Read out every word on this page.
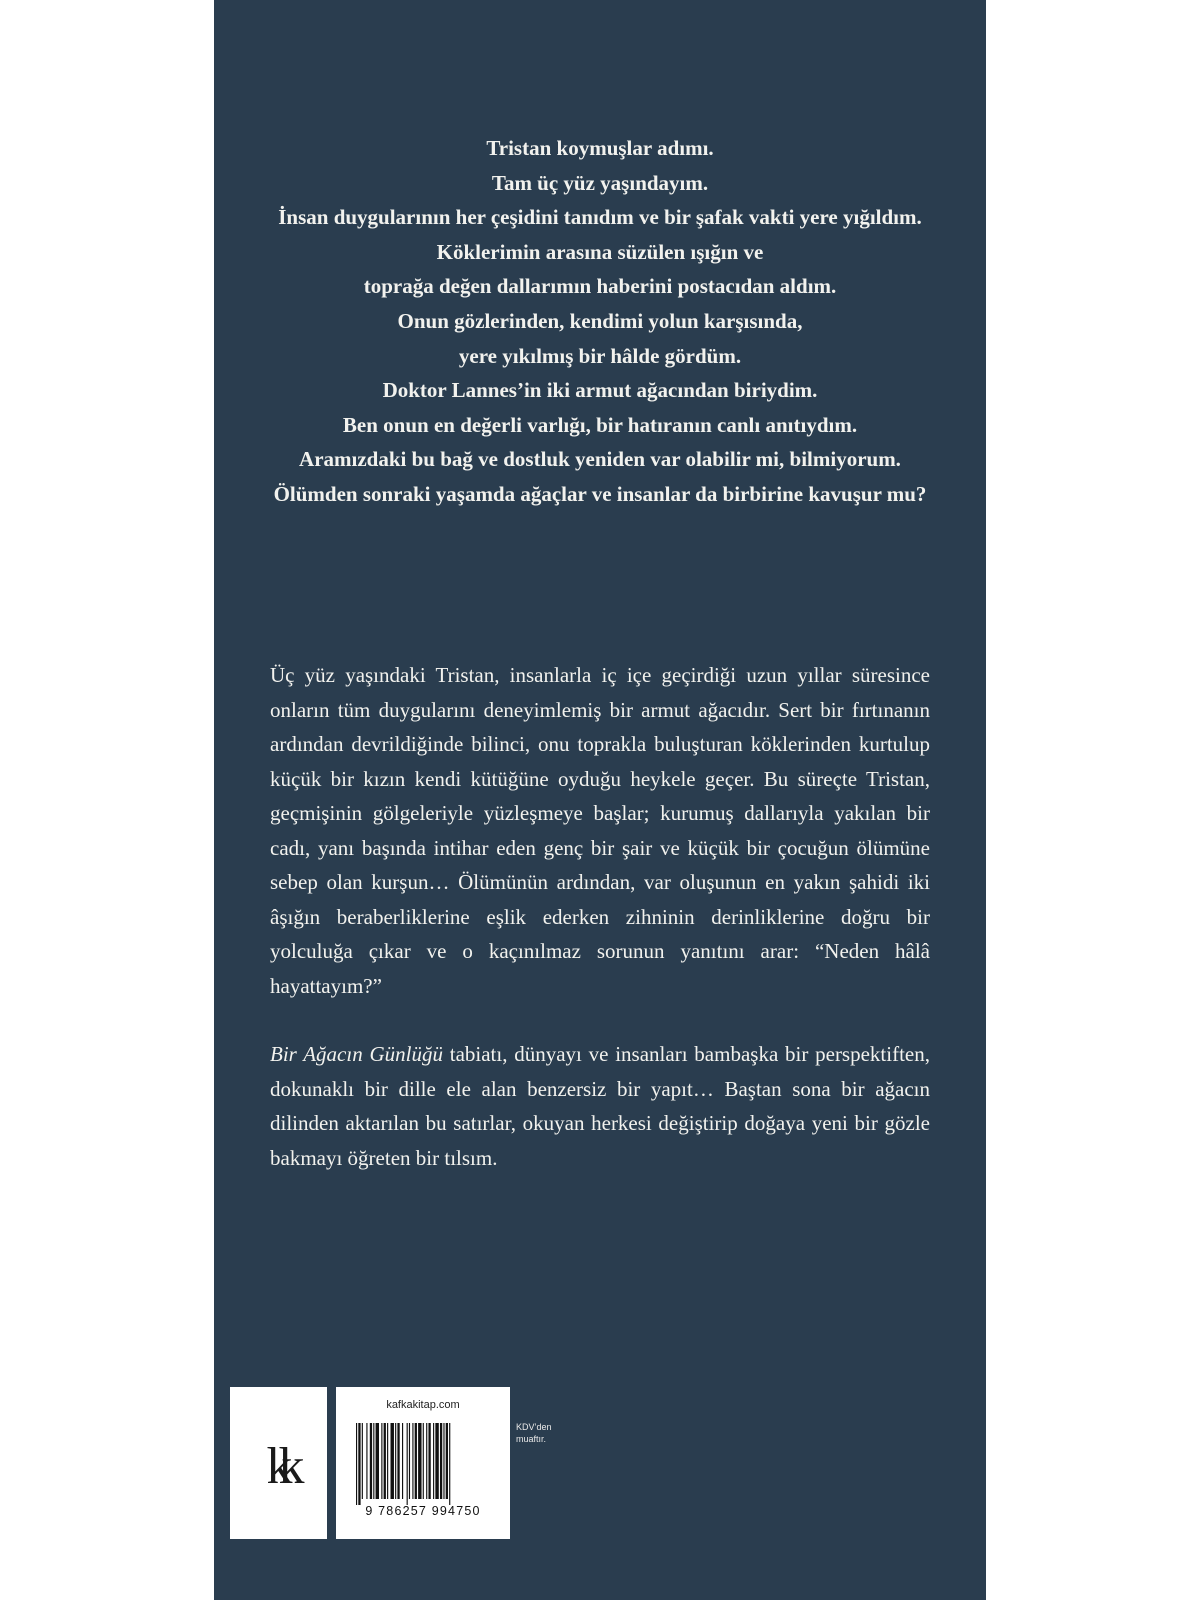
Tristan koymuşlar adımı.
Tam üç yüz yaşındayım.
İnsan duygularının her çeşidini tanıdım ve bir şafak vakti yere yığıldım.
Köklerimin arasına süzülen ışığın ve
toprağa değen dallarımın haberini postacıdan aldım.
Onun gözlerinden, kendimi yolun karşısında,
yere yıkılmış bir hâlde gördüm.
Doktor Lannes’in iki armut ağacından biriydim.
Ben onun en değerli varlığı, bir hatıranın canlı anıtıydım.
Aramızdaki bu bağ ve dostluk yeniden var olabilir mi, bilmiyorum.
Ölümden sonraki yaşamda ağaçlar ve insanlar da birbirine kavuşur mu?

Üç yüz yaşındaki Tristan, insanlarla iç içe geçirdiği uzun yıllar süresince onların tüm duygularını deneyimlemiş bir armut ağacıdır. Sert bir fırtınanın ardından devrildiğinde bilinci, onu toprakla buluşturan köklerinden kurtulup küçük bir kızın kendi kütüğüne oyduğu heykele geçer. Bu süreçte Tristan, geçmişinin gölgeleriyle yüzleşmeye başlar; kurumuş dallarıyla yakılan bir cadı, yanı başında intihar eden genç bir şair ve küçük bir çocuğun ölümüne sebep olan kurşun… Ölümünün ardından, var oluşunun en yakın şahidi iki âşığın beraberliklerine eşlik ederken zihninin derinliklerine doğru bir yolculuğa çıkar ve o kaçınılmaz sorunun yanıtını arar: “Neden hâlâ hayattayım?”

Bir Ağacın Günlüğü tabiatı, dünyayı ve insanları bambaşka bir perspektiften, dokunaklı bir dille ele alan benzersiz bir yapıt… Baştan sona bir ağacın dilinden aktarılan bu satırlar, okuyan herkesi değiştirip doğaya yeni bir gözle bakmayı öğreten bir tılsım.

kk
kafkakitap.com
9 786257 994750
KDV’den
muaftır.
